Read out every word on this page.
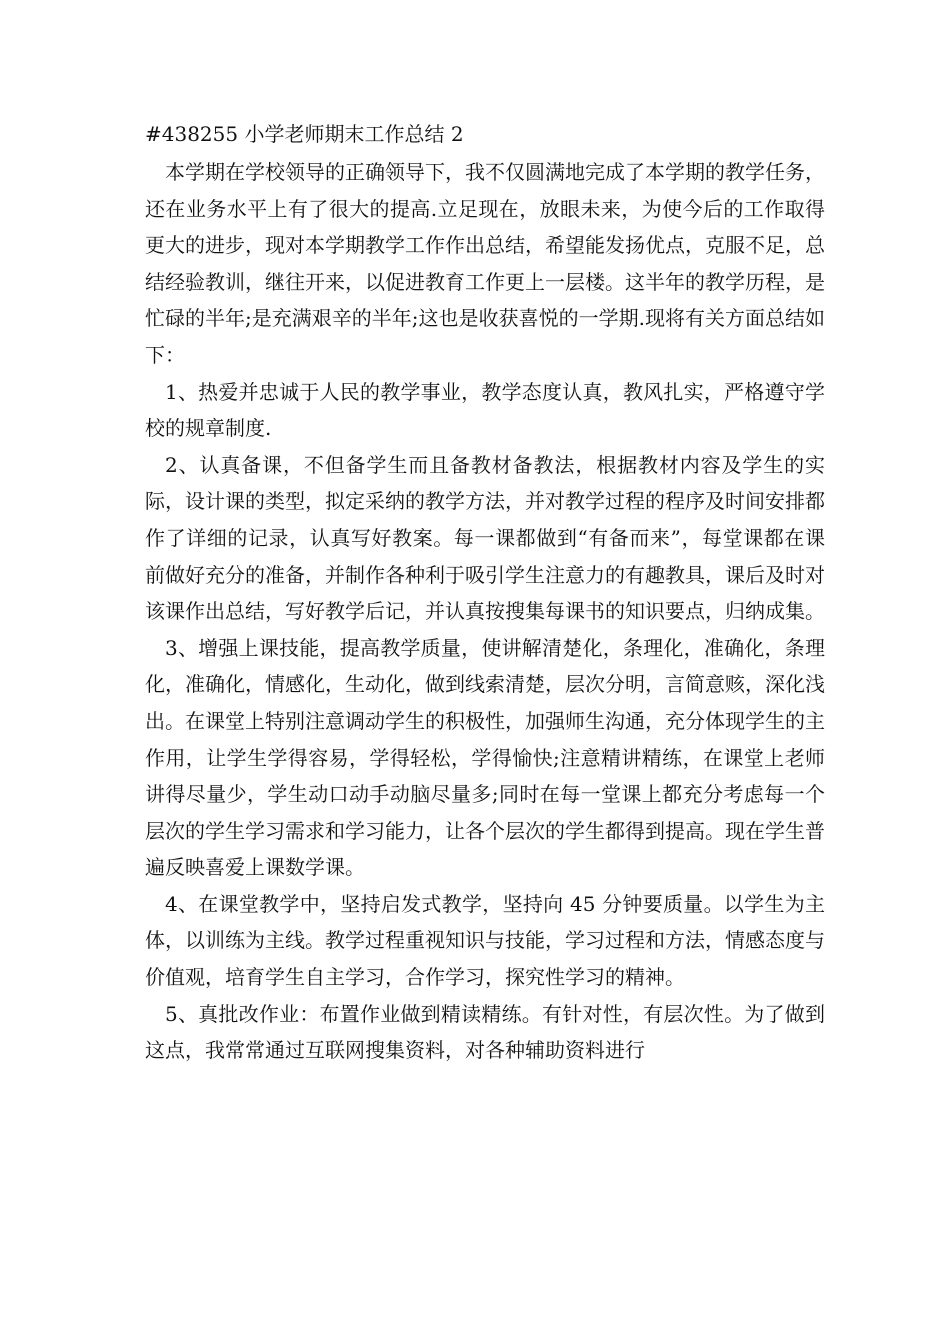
#438255 小学老师期末工作总结 2

本学期在学校领导的正确领导下，我不仅圆满地完成了本学期的教学任务，还在业务水平上有了很大的提高.立足现在，放眼未来，为使今后的工作取得更大的进步，现对本学期教学工作作出总结，希望能发扬优点，克服不足，总结经验教训，继往开来，以促进教育工作更上一层楼。这半年的教学历程，是忙碌的半年;是充满艰辛的半年;这也是收获喜悦的一学期.现将有关方面总结如下：

1、热爱并忠诚于人民的教学事业，教学态度认真，教风扎实，严格遵守学校的规章制度.

2、认真备课，不但备学生而且备教材备教法，根据教材内容及学生的实际，设计课的类型，拟定采纳的教学方法，并对教学过程的程序及时间安排都作了详细的记录，认真写好教案。每一课都做到“有备而来”，每堂课都在课前做好充分的准备，并制作各种利于吸引学生注意力的有趣教具，课后及时对该课作出总结，写好教学后记，并认真按搜集每课书的知识要点，归纳成集。

3、增强上课技能，提高教学质量，使讲解清楚化，条理化，准确化，条理化，准确化，情感化，生动化，做到线索清楚，层次分明，言简意赅，深化浅出。在课堂上特别注意调动学生的积极性，加强师生沟通，充分体现学生的主作用，让学生学得容易，学得轻松，学得愉快;注意精讲精练，在课堂上老师讲得尽量少，学生动口动手动脑尽量多;同时在每一堂课上都充分考虑每一个层次的学生学习需求和学习能力，让各个层次的学生都得到提高。现在学生普遍反映喜爱上课数学课。

4、在课堂教学中，坚持启发式教学，坚持向 45 分钟要质量。以学生为主体，以训练为主线。教学过程重视知识与技能，学习过程和方法，情感态度与价值观，培育学生自主学习，合作学习，探究性学习的精神。

5、真批改作业：布置作业做到精读精练。有针对性，有层次性。为了做到这点，我常常通过互联网搜集资料，对各种辅助资料进行
